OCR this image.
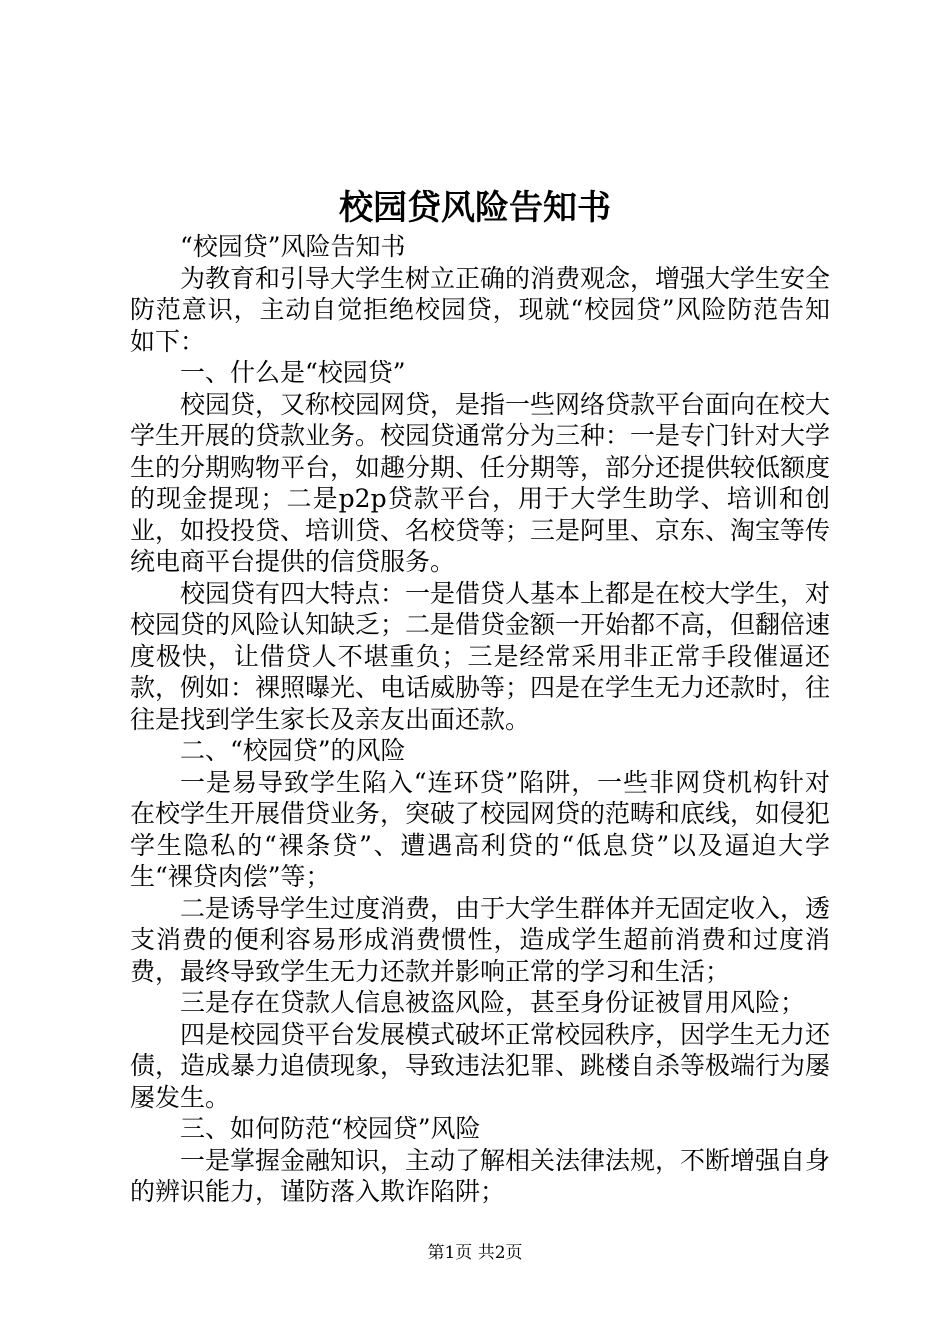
校园贷风险告知书

“校园贷”风险告知书

为教育和引导大学生树立正确的消费观念，增强大学生安全防范意识，主动自觉拒绝校园贷，现就“校园贷”风险防范告知如下：

一、什么是“校园贷”

校园贷，又称校园网贷，是指一些网络贷款平台面向在校大学生开展的贷款业务。校园贷通常分为三种：一是专门针对大学生的分期购物平台，如趣分期、任分期等，部分还提供较低额度的现金提现；二是p2p贷款平台，用于大学生助学、培训和创业，如投投贷、培训贷、名校贷等；三是阿里、京东、淘宝等传统电商平台提供的信贷服务。

校园贷有四大特点：一是借贷人基本上都是在校大学生，对校园贷的风险认知缺乏；二是借贷金额一开始都不高，但翻倍速度极快，让借贷人不堪重负；三是经常采用非正常手段催逼还款，例如：裸照曝光、电话威胁等；四是在学生无力还款时，往往是找到学生家长及亲友出面还款。

二、“校园贷”的风险

一是易导致学生陷入“连环贷”陷阱，一些非网贷机构针对在校学生开展借贷业务，突破了校园网贷的范畴和底线，如侵犯学生隐私的“裸条贷”、遭遇高利贷的“低息贷”以及逼迫大学生“裸贷肉偿”等；

二是诱导学生过度消费，由于大学生群体并无固定收入，透支消费的便利容易形成消费惯性，造成学生超前消费和过度消费，最终导致学生无力还款并影响正常的学习和生活；

三是存在贷款人信息被盗风险，甚至身份证被冒用风险；

四是校园贷平台发展模式破坏正常校园秩序，因学生无力还债，造成暴力追债现象，导致违法犯罪、跳楼自杀等极端行为屡屡发生。

三、如何防范“校园贷”风险

一是掌握金融知识，主动了解相关法律法规，不断增强自身的辨识能力，谨防落入欺诈陷阱；

第1页 共2页
